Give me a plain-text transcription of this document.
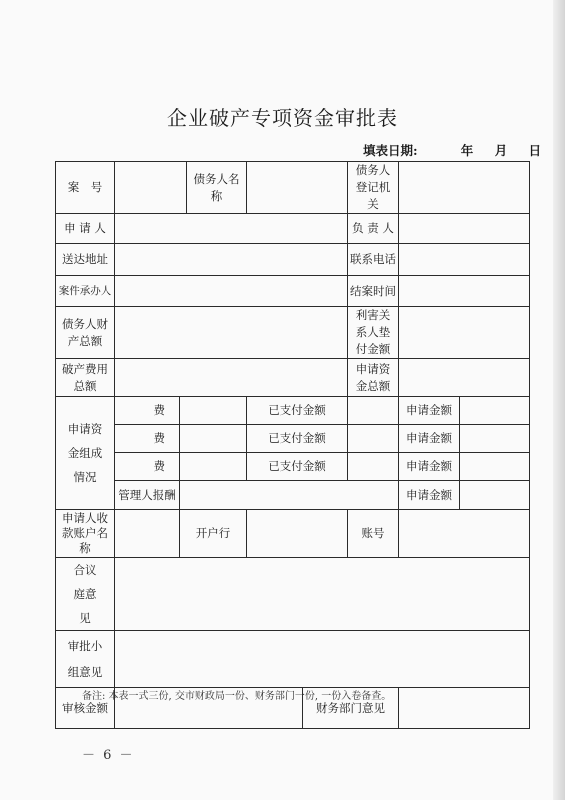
企业破产专项资金审批表
填表日期:	年 月 日
案　号			债务人名称			债务人登记机关		
申 请 人						负 责 人		
送达地址						联系电话		
案件承办人						结案时间		
债务人财产总额						利害关系人垫付金额		
破产费用总额						申请资金总额		
申请资金组成情况	费			已支付金额			申请金额	

费			已支付金额			申请金额	

费			已支付金额			申请金额	
	管理人报酬						申请金额	
申请人收款账户名称		开户行				账号		
合议庭意见								
审批小组意见								
审核金额					财务部门意见			
备注: 本表一式三份, 交市财政局一份、财务部门一份, 一份入卷备查。
－ 6 －
